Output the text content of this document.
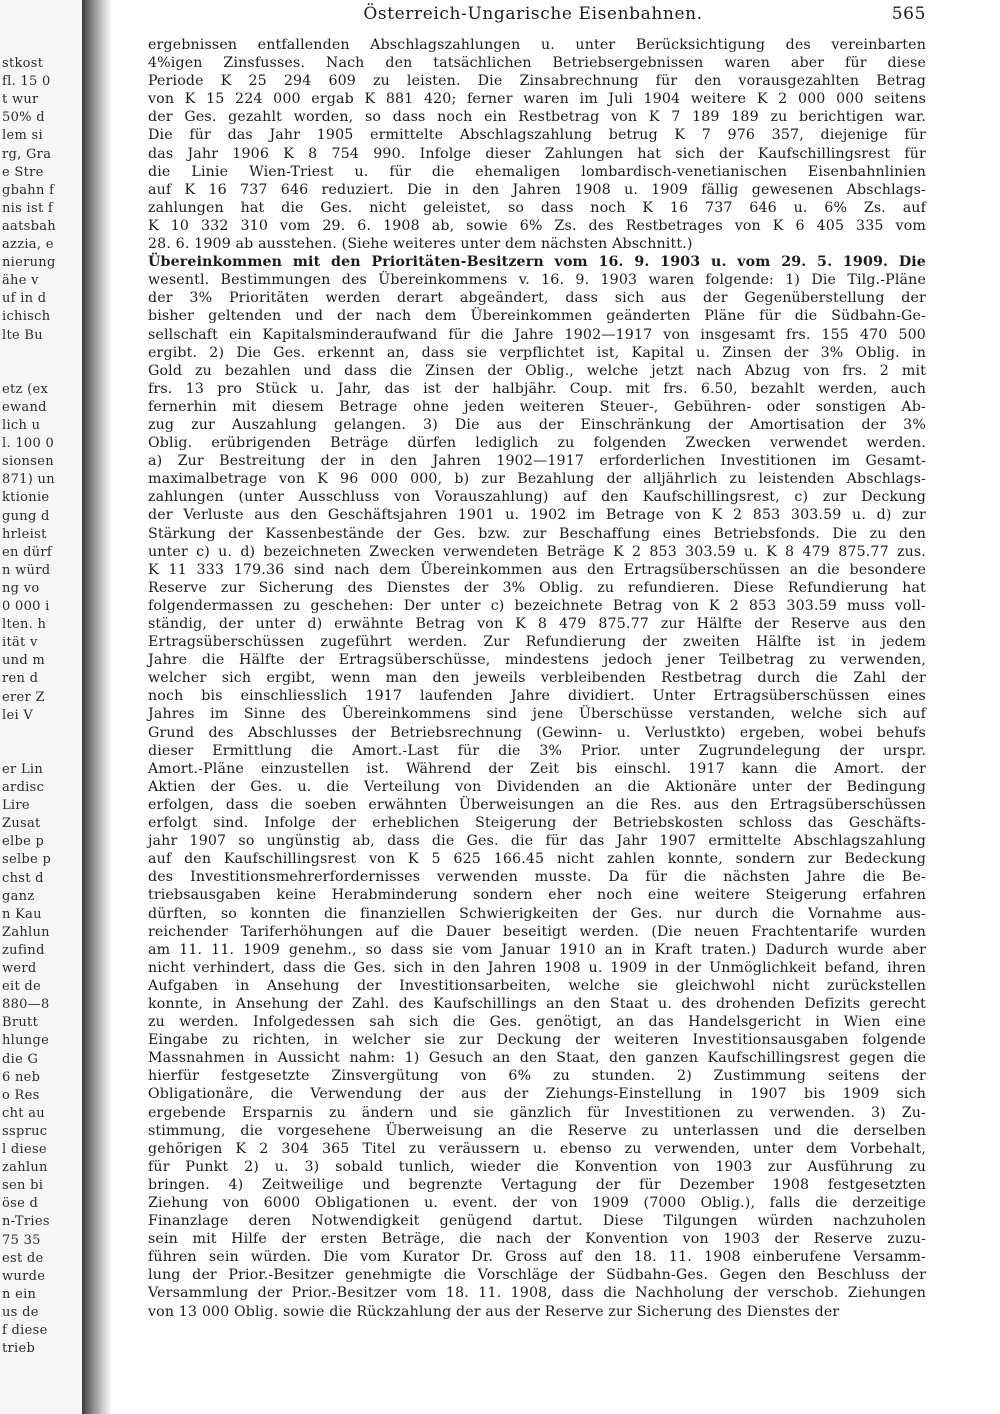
stkost
fl. 15 0
t wur
50% d
lem si
rg, Gra
e Stre
gbahn f
nis ist f
aatsbah
azzia, e
nierung
ähe v
uf in d
ichisch
lte Bu
etz (ex
ewand
lich u
l. 100 0
sionsen
871) un
ktionie
gung d
hrleist
en dürf
n würd
ng vo
0 000 i
lten. h
ität v
und m
ren d
erer Z
lei V
er Lin
ardisc
Lire
Zusat
elbe p
selbe p
chst d
ganz
n Kau
Zahlun
zufind
werd
eit de
880—8
Brutt
hlunge
die G
6 neb
o Res
cht au
sspruc
l diese
zahlun
sen bi
öse d
n-Tries
75 35
est de
wurde
n ein
us de
f diese
trieb
Österreich-Ungarische Eisenbahnen.	565
ergebnissen entfallenden Abschlagszahlungen u. unter Berücksichtigung des vereinbarten
4%igen Zinsfusses. Nach den tatsächlichen Betriebsergebnissen waren aber für diese
Periode K 25 294 609 zu leisten. Die Zinsabrechnung für den vorausgezahlten Betrag
von K 15 224 000 ergab K 881 420; ferner waren im Juli 1904 weitere K 2 000 000 seitens
der Ges. gezahlt worden, so dass noch ein Restbetrag von K 7 189 189 zu berichtigen war.
Die für das Jahr 1905 ermittelte Abschlagszahlung betrug K 7 976 357, diejenige für
das Jahr 1906 K 8 754 990. Infolge dieser Zahlungen hat sich der Kaufschillingsrest für
die Linie Wien-Triest u. für die ehemaligen lombardisch-venetianischen Eisenbahnlinien
auf K 16 737 646 reduziert. Die in den Jahren 1908 u. 1909 fällig gewesenen Abschlags-
zahlungen hat die Ges. nicht geleistet, so dass noch K 16 737 646 u. 6% Zs. auf
K 10 332 310 vom 29. 6. 1908 ab, sowie 6% Zs. des Restbetrages von K 6 405 335 vom
28. 6. 1909 ab ausstehen. (Siehe weiteres unter dem nächsten Abschnitt.)
Übereinkommen mit den Prioritäten-Besitzern vom 16. 9. 1903 u. vom 29. 5. 1909. Die
wesentl. Bestimmungen des Übereinkommens v. 16. 9. 1903 waren folgende: 1) Die Tilg.-Pläne
der 3% Prioritäten werden derart abgeändert, dass sich aus der Gegenüberstellung der
bisher geltenden und der nach dem Übereinkommen geänderten Pläne für die Südbahn-Ge-
sellschaft ein Kapitalsminderaufwand für die Jahre 1902—1917 von insgesamt frs. 155 470 500
ergibt. 2) Die Ges. erkennt an, dass sie verpflichtet ist, Kapital u. Zinsen der 3% Oblig. in
Gold zu bezahlen und dass die Zinsen der Oblig., welche jetzt nach Abzug von frs. 2 mit
frs. 13 pro Stück u. Jahr, das ist der halbjähr. Coup. mit frs. 6.50, bezahlt werden, auch
fernerhin mit diesem Betrage ohne jeden weiteren Steuer-, Gebühren- oder sonstigen Ab-
zug zur Auszahlung gelangen. 3) Die aus der Einschränkung der Amortisation der 3%
Oblig. erübrigenden Beträge dürfen lediglich zu folgenden Zwecken verwendet werden.
a) Zur Bestreitung der in den Jahren 1902—1917 erforderlichen Investitionen im Gesamt-
maximalbetrage von K 96 000 000, b) zur Bezahlung der alljährlich zu leistenden Abschlags-
zahlungen (unter Ausschluss von Vorauszahlung) auf den Kaufschillingsrest, c) zur Deckung
der Verluste aus den Geschäftsjahren 1901 u. 1902 im Betrage von K 2 853 303.59 u. d) zur
Stärkung der Kassenbestände der Ges. bzw. zur Beschaffung eines Betriebsfonds. Die zu den
unter c) u. d) bezeichneten Zwecken verwendeten Beträge K 2 853 303.59 u. K 8 479 875.77 zus.
K 11 333 179.36 sind nach dem Übereinkommen aus den Ertragsüberschüssen an die besondere
Reserve zur Sicherung des Dienstes der 3% Oblig. zu refundieren. Diese Refundierung hat
folgendermassen zu geschehen: Der unter c) bezeichnete Betrag von K 2 853 303.59 muss voll-
ständig, der unter d) erwähnte Betrag von K 8 479 875.77 zur Hälfte der Reserve aus den
Ertragsüberschüssen zugeführt werden. Zur Refundierung der zweiten Hälfte ist in jedem
Jahre die Hälfte der Ertragsüberschüsse, mindestens jedoch jener Teilbetrag zu verwenden,
welcher sich ergibt, wenn man den jeweils verbleibenden Restbetrag durch die Zahl der
noch bis einschliesslich 1917 laufenden Jahre dividiert. Unter Ertragsüberschüssen eines
Jahres im Sinne des Übereinkommens sind jene Überschüsse verstanden, welche sich auf
Grund des Abschlusses der Betriebsrechnung (Gewinn- u. Verlustkto) ergeben, wobei behufs
dieser Ermittlung die Amort.-Last für die 3% Prior. unter Zugrundelegung der urspr.
Amort.-Pläne einzustellen ist. Während der Zeit bis einschl. 1917 kann die Amort. der
Aktien der Ges. u. die Verteilung von Dividenden an die Aktionäre unter der Bedingung
erfolgen, dass die soeben erwähnten Überweisungen an die Res. aus den Ertragsüberschüssen
erfolgt sind. Infolge der erheblichen Steigerung der Betriebskosten schloss das Geschäfts-
jahr 1907 so ungünstig ab, dass die Ges. die für das Jahr 1907 ermittelte Abschlagszahlung
auf den Kaufschillingsrest von K 5 625 166.45 nicht zahlen konnte, sondern zur Bedeckung
des Investitionsmehrerfordernisses verwenden musste. Da für die nächsten Jahre die Be-
triebsausgaben keine Herabminderung sondern eher noch eine weitere Steigerung erfahren
dürften, so konnten die finanziellen Schwierigkeiten der Ges. nur durch die Vornahme aus-
reichender Tariferhöhungen auf die Dauer beseitigt werden. (Die neuen Frachtentarife wurden
am 11. 11. 1909 genehm., so dass sie vom Januar 1910 an in Kraft traten.) Dadurch wurde aber
nicht verhindert, dass die Ges. sich in den Jahren 1908 u. 1909 in der Unmöglichkeit befand, ihren
Aufgaben in Ansehung der Investitionsarbeiten, welche sie gleichwohl nicht zurückstellen
konnte, in Ansehung der Zahl. des Kaufschillings an den Staat u. des drohenden Defizits gerecht
zu werden. Infolgedessen sah sich die Ges. genötigt, an das Handelsgericht in Wien eine
Eingabe zu richten, in welcher sie zur Deckung der weiteren Investitionsausgaben folgende
Massnahmen in Aussicht nahm: 1) Gesuch an den Staat, den ganzen Kaufschillingsrest gegen die
hierfür festgesetzte Zinsvergütung von 6% zu stunden. 2) Zustimmung seitens der
Obligationäre, die Verwendung der aus der Ziehungs-Einstellung in 1907 bis 1909 sich
ergebende Ersparnis zu ändern und sie gänzlich für Investitionen zu verwenden. 3) Zu-
stimmung, die vorgesehene Überweisung an die Reserve zu unterlassen und die derselben
gehörigen K 2 304 365 Titel zu veräussern u. ebenso zu verwenden, unter dem Vorbehalt,
für Punkt 2) u. 3) sobald tunlich, wieder die Konvention von 1903 zur Ausführung zu
bringen. 4) Zeitweilige und begrenzte Vertagung der für Dezember 1908 festgesetzten
Ziehung von 6000 Obligationen u. event. der von 1909 (7000 Oblig.), falls die derzeitige
Finanzlage deren Notwendigkeit genügend dartut. Diese Tilgungen würden nachzuholen
sein mit Hilfe der ersten Beträge, die nach der Konvention von 1903 der Reserve zuzu-
führen sein würden. Die vom Kurator Dr. Gross auf den 18. 11. 1908 einberufene Versamm-
lung der Prior.-Besitzer genehmigte die Vorschläge der Südbahn-Ges. Gegen den Beschluss der
Versammlung der Prior.-Besitzer vom 18. 11. 1908, dass die Nachholung der verschob. Ziehungen
von 13 000 Oblig. sowie die Rückzahlung der aus der Reserve zur Sicherung des Dienstes der
